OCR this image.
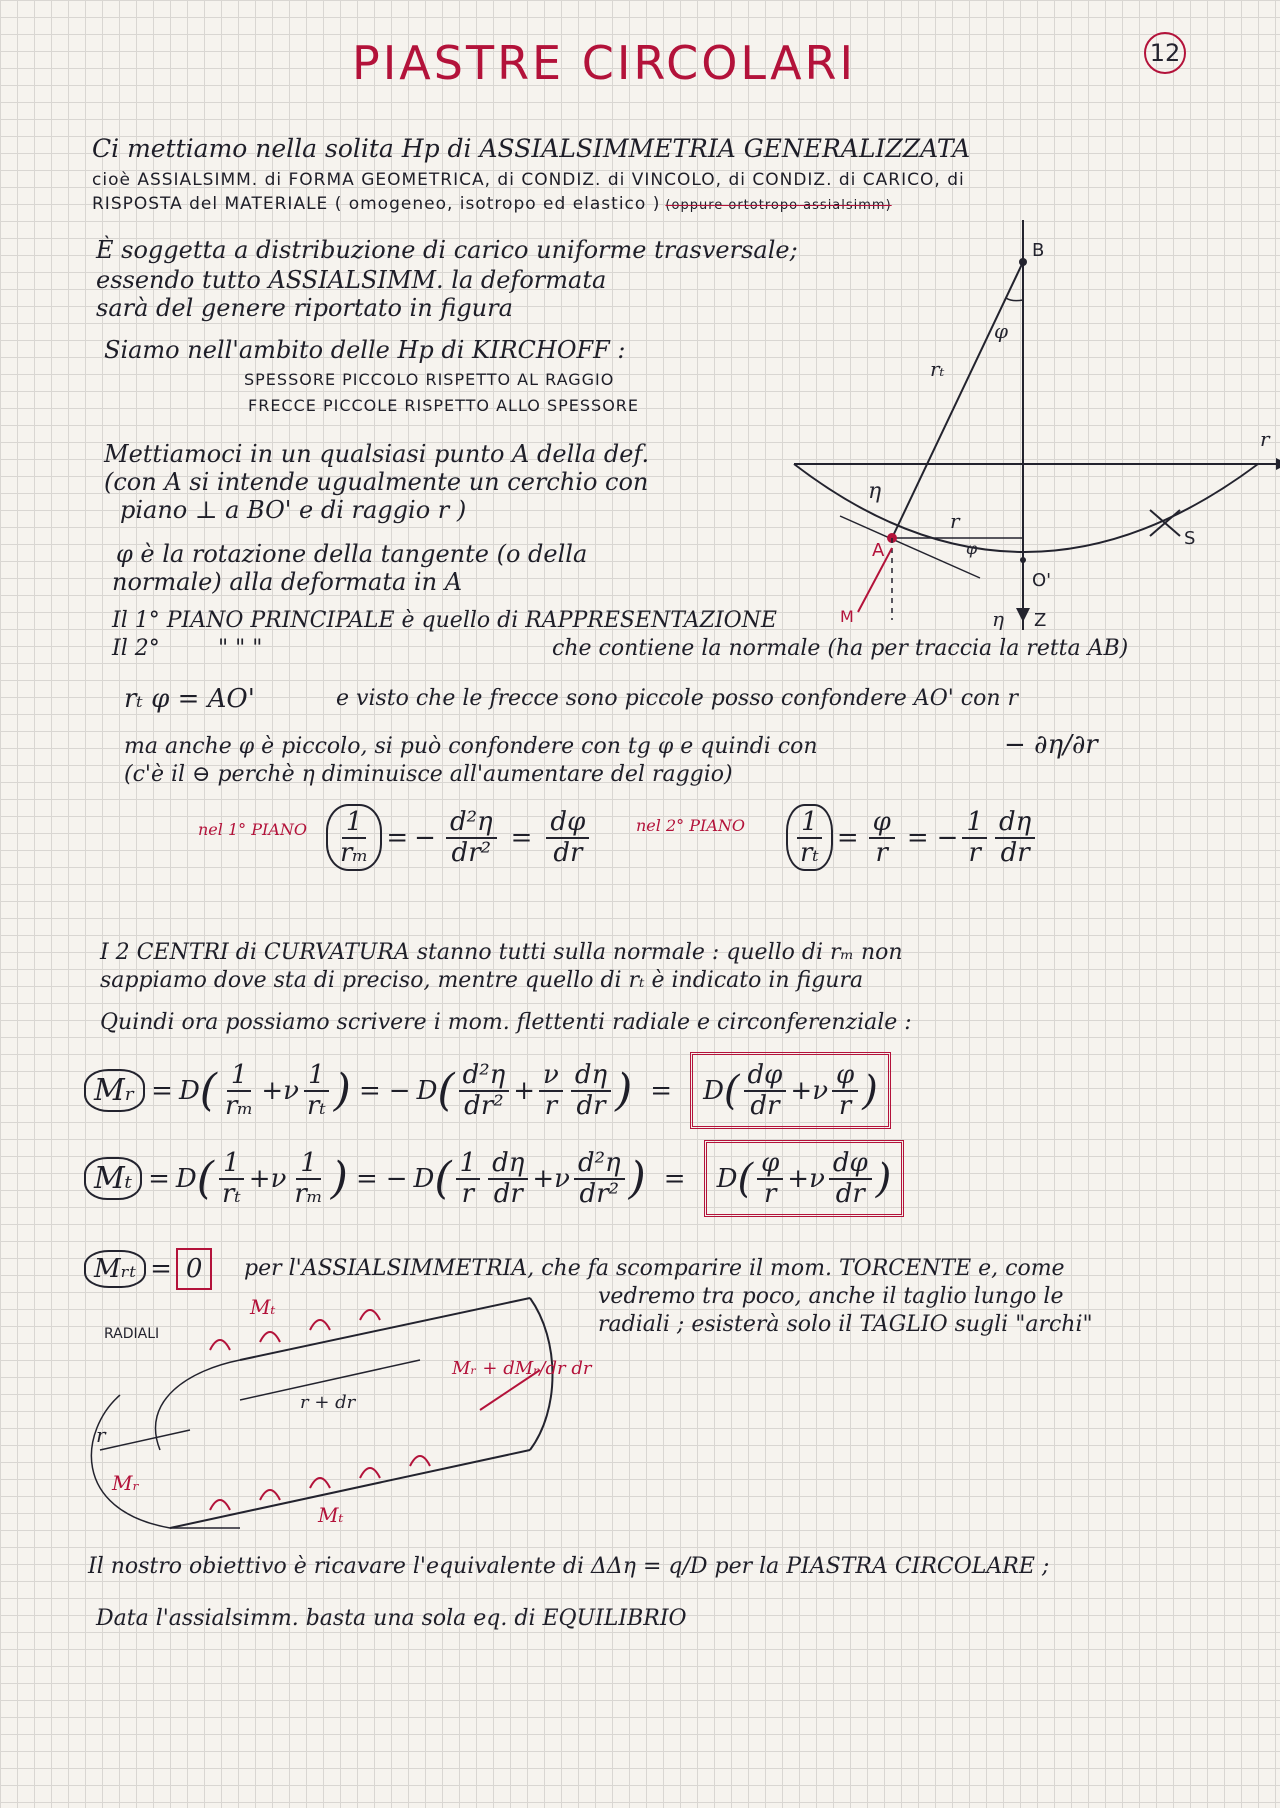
PIASTRE CIRCOLARI	12
Ci mettiamo nella solita Hp di ASSIALSIMMETRIA GENERALIZZATA
cioè ASSIALSIMM. di FORMA GEOMETRICA, di CONDIZ. di VINCOLO, di CONDIZ. di CARICO, di
RISPOSTA del MATERIALE ( omogeneo, isotropo ed elastico ) (oppure ortotropo assialsimm)
È soggetta a distribuzione di carico uniforme trasversale;
essendo tutto ASSIALSIMM. la deformata
sarà del genere riportato in figura
Siamo nell'ambito delle Hp di KIRCHOFF :
SPESSORE PICCOLO RISPETTO AL RAGGIO
FRECCE PICCOLE RISPETTO ALLO SPESSORE
Mettiamoci in un qualsiasi punto A della def.
(con A si intende ugualmente un cerchio con
piano ⊥ a BO' e di raggio r )
φ è la rotazione della tangente (o della
normale) alla deformata in A
B
φ
rₜ
r
η
r
φ
A
S
O'
M	η Z
Il 1° PIANO PRINCIPALE è quello di RAPPRESENTAZIONE
Il 2°	" " "	che contiene la normale (ha per traccia la retta AB)
rₜ φ = AO'	e visto che le frecce sono piccole posso confondere AO' con r
ma anche φ è piccolo, si può confondere con tg φ e quindi con	− ∂η/∂r
(c'è il ⊖ perchè η diminuisce all'aumentare del raggio)
nel 1° PIANO $\frac{1}{\text{rₘ}}$ = − $\frac{\text{d²η}}{\text{dr²}} = \frac{d\varphi}{dr}$	nel 2° PIANO $\frac{1}{\text{rₜ}} = \frac{\varphi}{r}$ = − $\frac{1}{r} \frac{d\eta}{dr}$
I 2 CENTRI di CURVATURA stanno tutti sulla normale : quello di rₘ non
sappiamo dove sta di preciso, mentre quello di rₜ è indicato in figura
Quindi ora possiamo scrivere i mom. flettenti radiale e circonferenziale :
Mᵣ = D ( $\frac{1}{\text{rₘ}} + \nu \frac{1}{\text{rₜ}}$ ) = − D ( $\frac{\text{d²η}}{\text{dr²}} + \frac{\nu}{r} \frac{d\eta}{dr}$ ) = D ( $\frac{d\varphi}{dr} + \nu \frac{\varphi}{r}$ )
Mₜ = D ( $\frac{1}{\text{rₜ}} + \nu \frac{1}{\text{rₘ}}$ ) = − D ( $\frac{1}{r} \frac{d\eta}{dr} + \nu \frac{\text{d²η}}{\text{dr²}}$ ) = D ( $\frac{\varphi}{r} + \nu \frac{d\varphi}{dr}$ )
Mᵣₜ = 0	per l'ASSIALSIMMETRIA, che fa scomparire il mom. TORCENTE e, come
vedremo tra poco, anche il taglio lungo le
radiali ; esisterà solo il TAGLIO sugli "archi"
RADIALI
Mₜ
Mᵣ + dMᵣ/dr dr
r + dr
r
Mᵣ
Mₜ
Il nostro obiettivo è ricavare l'equivalente di ΔΔη = q/D per la PIASTRA CIRCOLARE ;
Data l'assialsimm. basta una sola eq. di EQUILIBRIO
